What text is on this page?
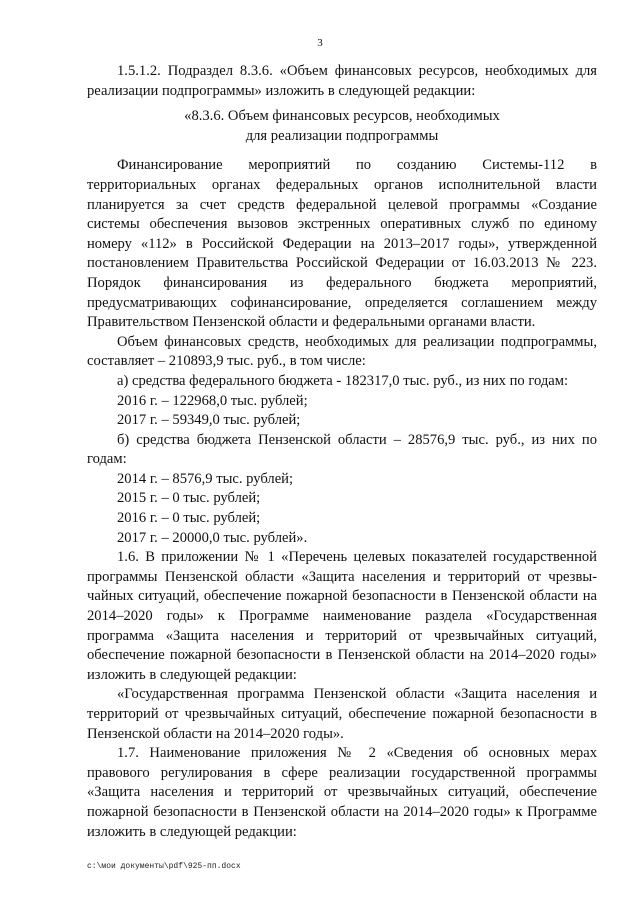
3

1.5.1.2. Подраздел 8.3.6. «Объем финансовых ресурсов, необходимых для реализации подпрограммы» изложить в следующей редакции:

«8.3.6. Объем финансовых ресурсов, необходимых
для реализации подпрограммы

Финансирование мероприятий по созданию Системы-112 в территориальных органах федеральных органов исполнительной власти планируется за счет средств федеральной целевой программы «Создание системы обеспечения вызовов экстренных оперативных служб по единому номеру «112» в Российской Федерации на 2013–2017 годы», утвержденной постановлением Правительства Российской Федерации от 16.03.2013 № 223. Порядок финансирования из федерального бюджета мероприятий, предусматривающих софинансирование, определяется соглашением между Правительством Пензенской области и федеральными органами власти.

Объем финансовых средств, необходимых для реализации подпрограммы, составляет – 210893,9 тыс. руб., в том числе:

а) средства федерального бюджета - 182317,0 тыс. руб., из них по годам:

2016 г. – 122968,0 тыс. рублей;

2017 г. – 59349,0 тыс. рублей;

б) средства бюджета Пензенской области – 28576,9 тыс. руб., из них по годам:

2014 г. – 8576,9 тыс. рублей;

2015 г. – 0 тыс. рублей;

2016 г. – 0 тыс. рублей;

2017 г. – 20000,0 тыс. рублей».

1.6. В приложении № 1 «Перечень целевых показателей государственной программы Пензенской области «Защита населения и территорий от чрезвы-чайных ситуаций, обеспечение пожарной безопасности в Пензенской области на 2014–2020 годы» к Программе наименование раздела «Государственная программа «Защита населения и территорий от чрезвычайных ситуаций, обеспечение пожарной безопасности в Пензенской области на 2014–2020 годы» изложить в следующей редакции:

«Государственная программа Пензенской области «Защита населения и территорий от чрезвычайных ситуаций, обеспечение пожарной безопасности в Пензенской области на 2014–2020 годы».

1.7. Наименование приложения № 2 «Сведения об основных мерах правового регулирования в сфере реализации государственной программы «Защита населения и территорий от чрезвычайных ситуаций, обеспечение пожарной безопасности в Пензенской области на 2014–2020 годы» к Программе изложить в следующей редакции:

c:\мои документы\pdf\925-пп.docx
